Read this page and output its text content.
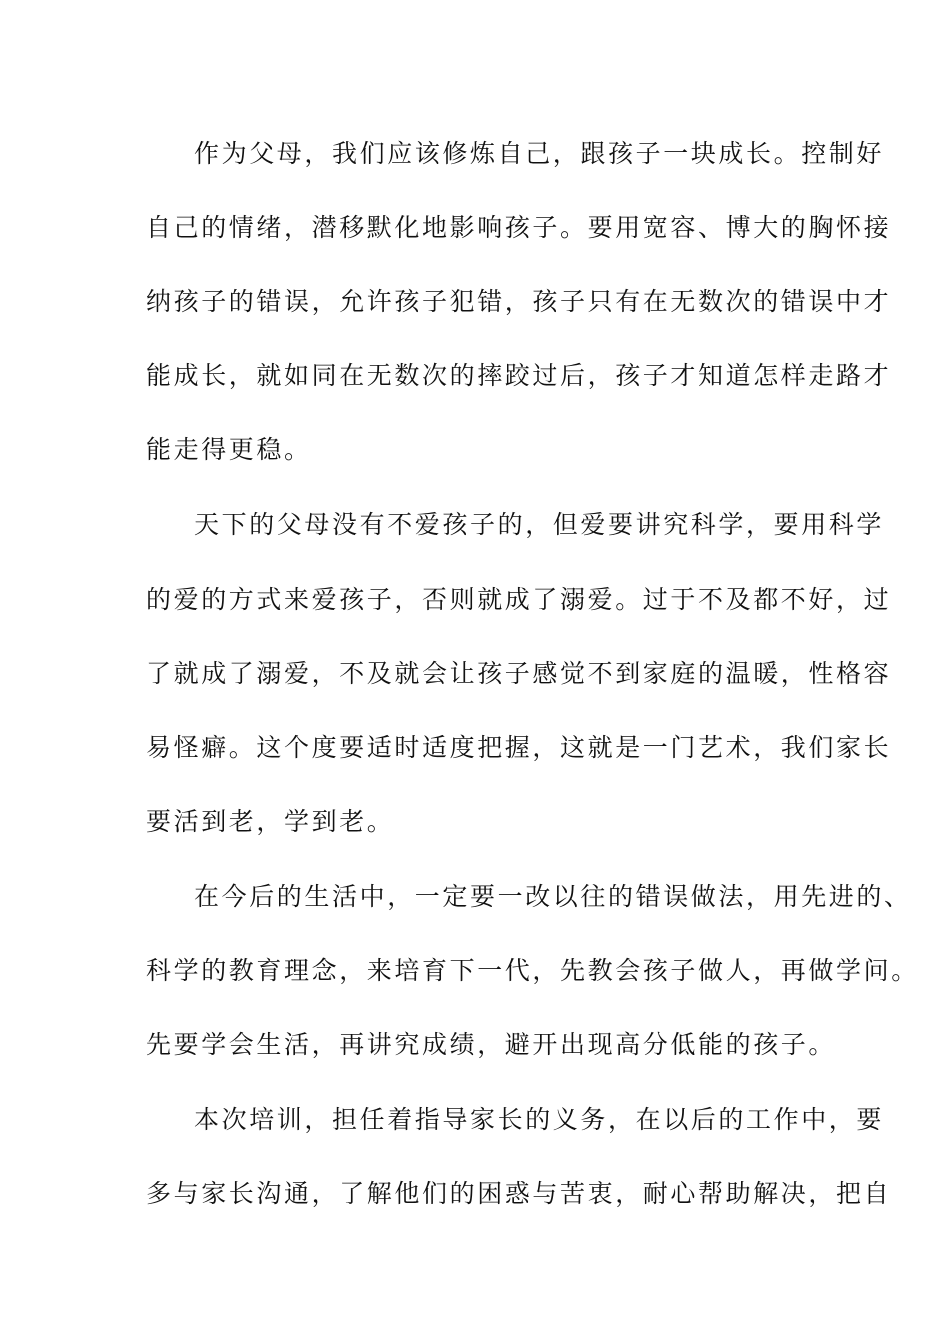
作为父母，我们应该修炼自己，跟孩子一块成长。控制好
自己的情绪，潜移默化地影响孩子。要用宽容、博大的胸怀接
纳孩子的错误，允许孩子犯错，孩子只有在无数次的错误中才
能成长，就如同在无数次的摔跤过后，孩子才知道怎样走路才
能走得更稳。
天下的父母没有不爱孩子的，但爱要讲究科学，要用科学
的爱的方式来爱孩子，否则就成了溺爱。过于不及都不好，过
了就成了溺爱，不及就会让孩子感觉不到家庭的温暖，性格容
易怪癖。这个度要适时适度把握，这就是一门艺术，我们家长
要活到老，学到老。
在今后的生活中，一定要一改以往的错误做法，用先进的、
科学的教育理念，来培育下一代，先教会孩子做人，再做学问。
先要学会生活，再讲究成绩，避开出现高分低能的孩子。
本次培训，担任着指导家长的义务，在以后的工作中，要
多与家长沟通，了解他们的困惑与苦衷，耐心帮助解决，把自
